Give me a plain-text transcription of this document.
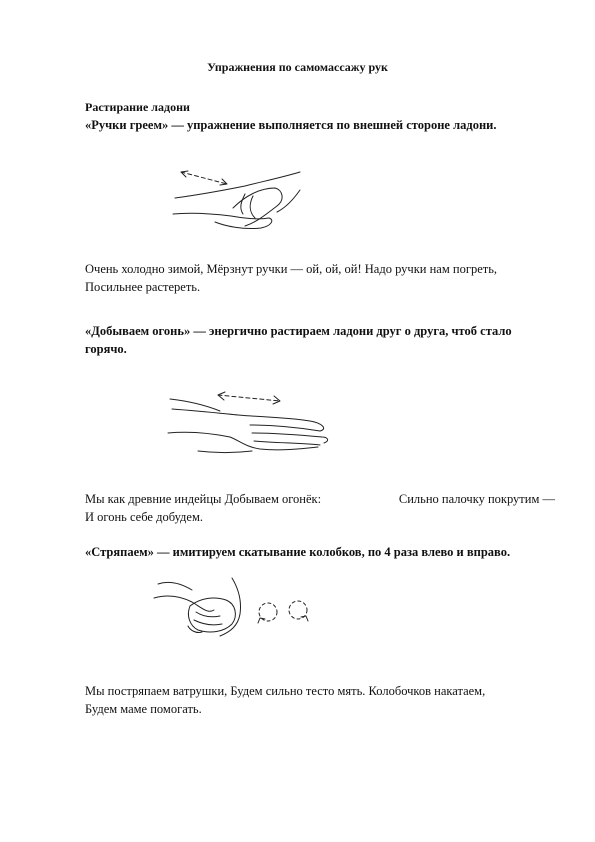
Упражнения по самомассажу рук
Растирание ладони
«Ручки греем» — упражнение выполняется по внешней стороне ладони.
Очень холодно зимой, Мёрзнут ручки — ой, ой, ой! Надо ручки нам погреть,
Посильнее растереть.
«Добываем огонь» — энергично растираем ладони друг о друга, чтоб стало
горячо.
Мы как древние индейцы Добываем огонёк:	Сильно палочку покрутим —
И огонь себе добудем.
«Стряпаем» — имитируем скатывание колобков, по 4 раза влево и вправо.
Мы постряпаем ватрушки, Будем сильно тесто мять. Колобочков накатаем,
Будем маме помогать.
